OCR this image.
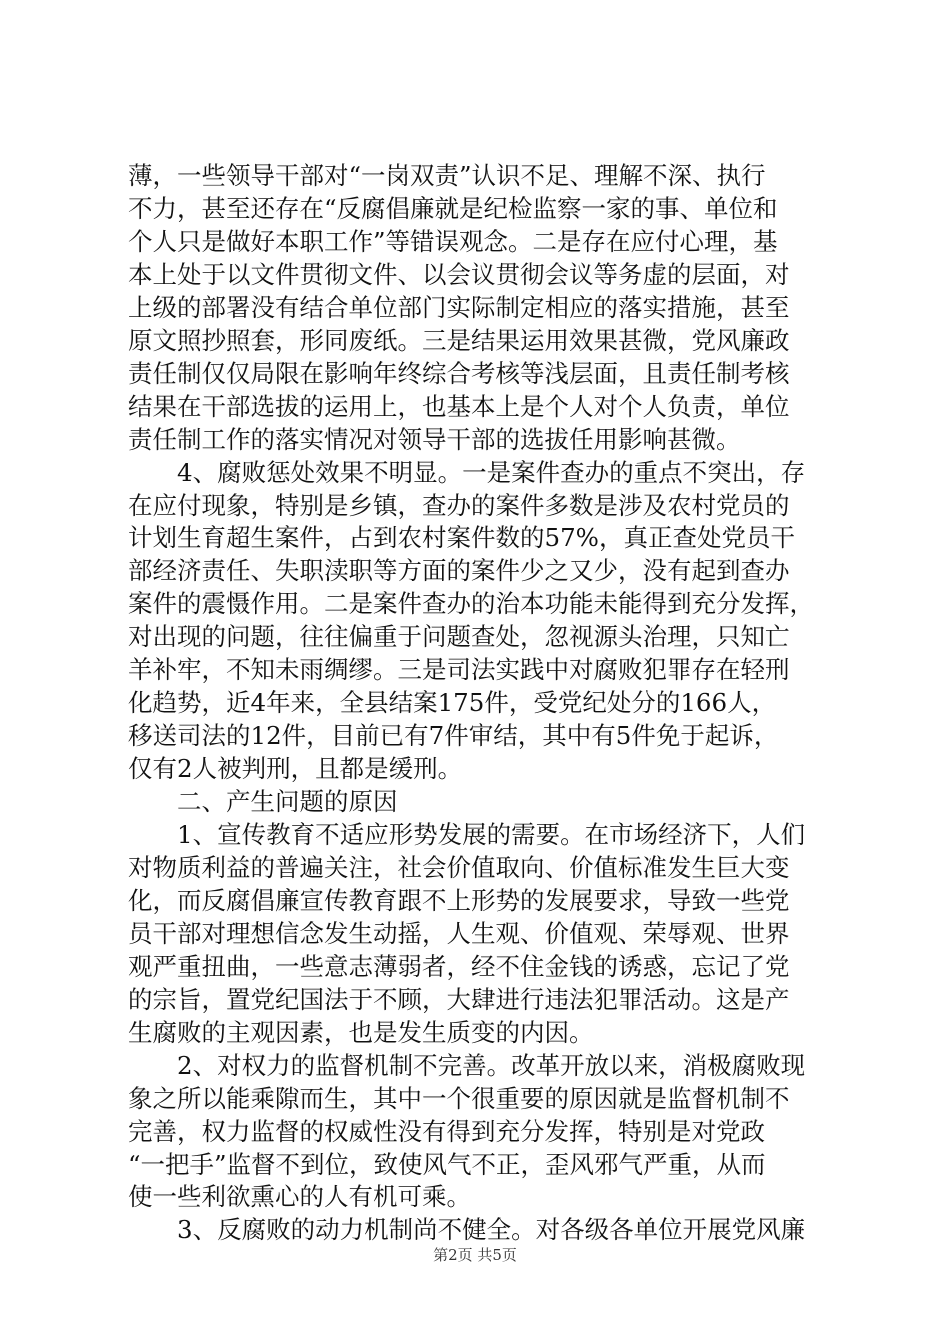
薄，一些领导干部对“一岗双责”认识不足、理解不深、执行
不力，甚至还存在“反腐倡廉就是纪检监察一家的事、单位和
个人只是做好本职工作”等错误观念。二是存在应付心理，基
本上处于以文件贯彻文件、以会议贯彻会议等务虚的层面，对
上级的部署没有结合单位部门实际制定相应的落实措施，甚至
原文照抄照套，形同废纸。三是结果运用效果甚微，党风廉政
责任制仅仅局限在影响年终综合考核等浅层面，且责任制考核
结果在干部选拔的运用上，也基本上是个人对个人负责，单位
责任制工作的落实情况对领导干部的选拔任用影响甚微。
　　4、腐败惩处效果不明显。一是案件查办的重点不突出，存
在应付现象，特别是乡镇，查办的案件多数是涉及农村党员的
计划生育超生案件，占到农村案件数的57%，真正查处党员干
部经济责任、失职渎职等方面的案件少之又少，没有起到查办
案件的震慑作用。二是案件查办的治本功能未能得到充分发挥，
对出现的问题，往往偏重于问题查处，忽视源头治理，只知亡
羊补牢，不知未雨绸缪。三是司法实践中对腐败犯罪存在轻刑
化趋势，近4年来，全县结案175件，受党纪处分的166人，
移送司法的12件，目前已有7件审结，其中有5件免于起诉，
仅有2人被判刑，且都是缓刑。
　　二、产生问题的原因
　　1、宣传教育不适应形势发展的需要。在市场经济下，人们
对物质利益的普遍关注，社会价值取向、价值标准发生巨大变
化，而反腐倡廉宣传教育跟不上形势的发展要求，导致一些党
员干部对理想信念发生动摇，人生观、价值观、荣辱观、世界
观严重扭曲，一些意志薄弱者，经不住金钱的诱惑，忘记了党
的宗旨，置党纪国法于不顾，大肆进行违法犯罪活动。这是产
生腐败的主观因素，也是发生质变的内因。
　　2、对权力的监督机制不完善。改革开放以来，消极腐败现
象之所以能乘隙而生，其中一个很重要的原因就是监督机制不
完善，权力监督的权威性没有得到充分发挥，特别是对党政
“一把手”监督不到位，致使风气不正，歪风邪气严重，从而
使一些利欲熏心的人有机可乘。
　　3、反腐败的动力机制尚不健全。对各级各单位开展党风廉
第2页 共5页
